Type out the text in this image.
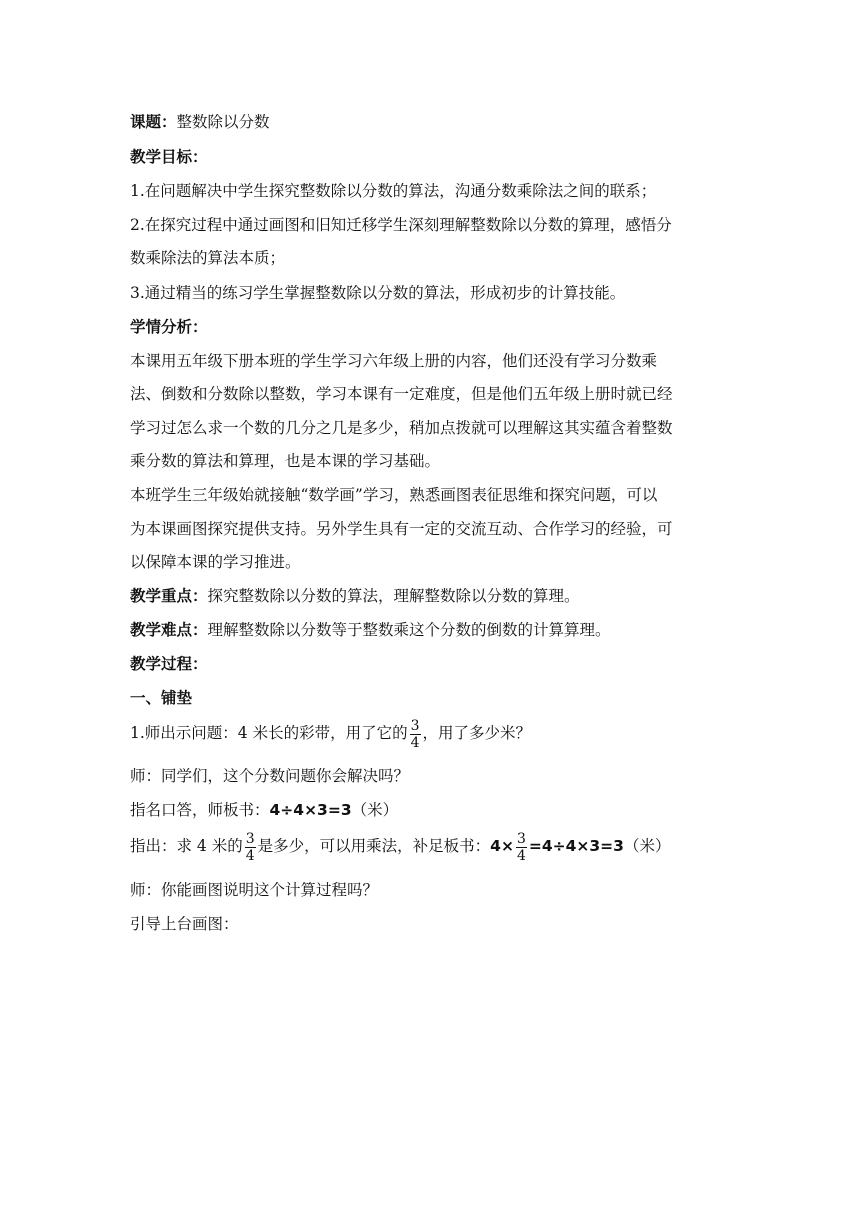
课题：整数除以分数
教学目标：
1.在问题解决中学生探究整数除以分数的算法，沟通分数乘除法之间的联系；
2.在探究过程中通过画图和旧知迁移学生深刻理解整数除以分数的算理，感悟分
数乘除法的算法本质；
3.通过精当的练习学生掌握整数除以分数的算法，形成初步的计算技能。
学情分析：
本课用五年级下册本班的学生学习六年级上册的内容，他们还没有学习分数乘
法、倒数和分数除以整数，学习本课有一定难度，但是他们五年级上册时就已经
学习过怎么求一个数的几分之几是多少，稍加点拨就可以理解这其实蕴含着整数
乘分数的算法和算理，也是本课的学习基础。
本班学生三年级始就接触“数学画”学习，熟悉画图表征思维和探究问题，可以
为本课画图探究提供支持。另外学生具有一定的交流互动、合作学习的经验，可
以保障本课的学习推进。
教学重点：探究整数除以分数的算法，理解整数除以分数的算理。
教学难点：理解整数除以分数等于整数乘这个分数的倒数的计算算理。
教学过程：
一、铺垫
1.师出示问题：4 米长的彩带，用了它的 $\frac{3}{4}$ ，用了多少米？
师：同学们，这个分数问题你会解决吗？
指名口答，师板书：4÷4×3=3（米）
指出：求 4 米的 $\frac{3}{4}$ 是多少，可以用乘法，补足板书：$4\times \frac{3}{4} =4\div 4\times 3=3$（米）
师：你能画图说明这个计算过程吗？
引导上台画图：
